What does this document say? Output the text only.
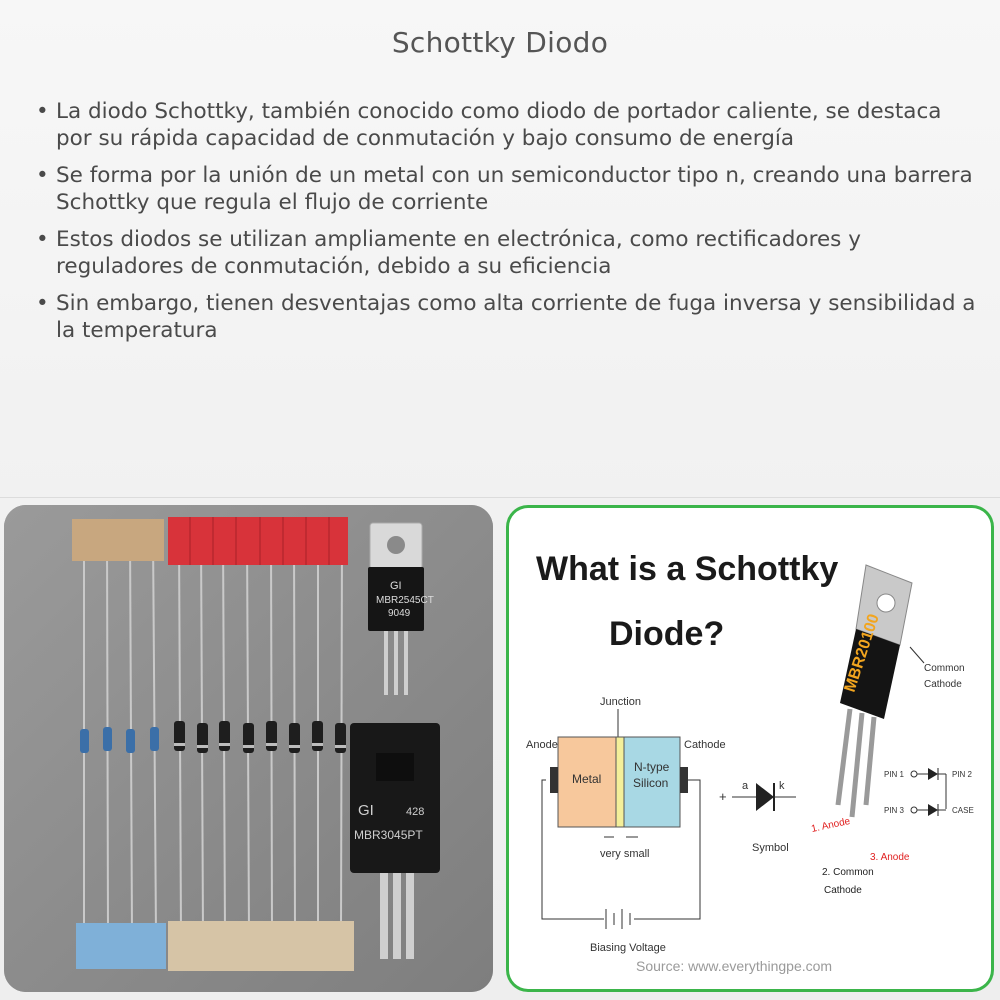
Schottky Diodo
• La diodo Schottky, también conocido como diodo de portador caliente, se destaca por su rápida capacidad de conmutación y bajo consumo de energía
• Se forma por la unión de un metal con un semiconductor tipo n, creando una barrera Schottky que regula el flujo de corriente
• Estos diodos se utilizan ampliamente en electrónica, como rectificadores y reguladores de conmutación, debido a su eficiencia
• Sin embargo, tienen desventajas como alta corriente de fuga inversa y sensibilidad a la temperatura
GI
MBR2545CT
9049
GI	428
MBR3045PT
What is a Schottky
Diode?
Junction
Anode	Cathode
Metal
N-type
Silicon
very small
Biasing Voltage
+
a	k
Symbol
MBR20100	Common
Cathode
PIN 1	PIN 2
PIN 3	CASE
1. Anode
2. Common
Cathode
3. Anode
Source: www.everythingpe.com
